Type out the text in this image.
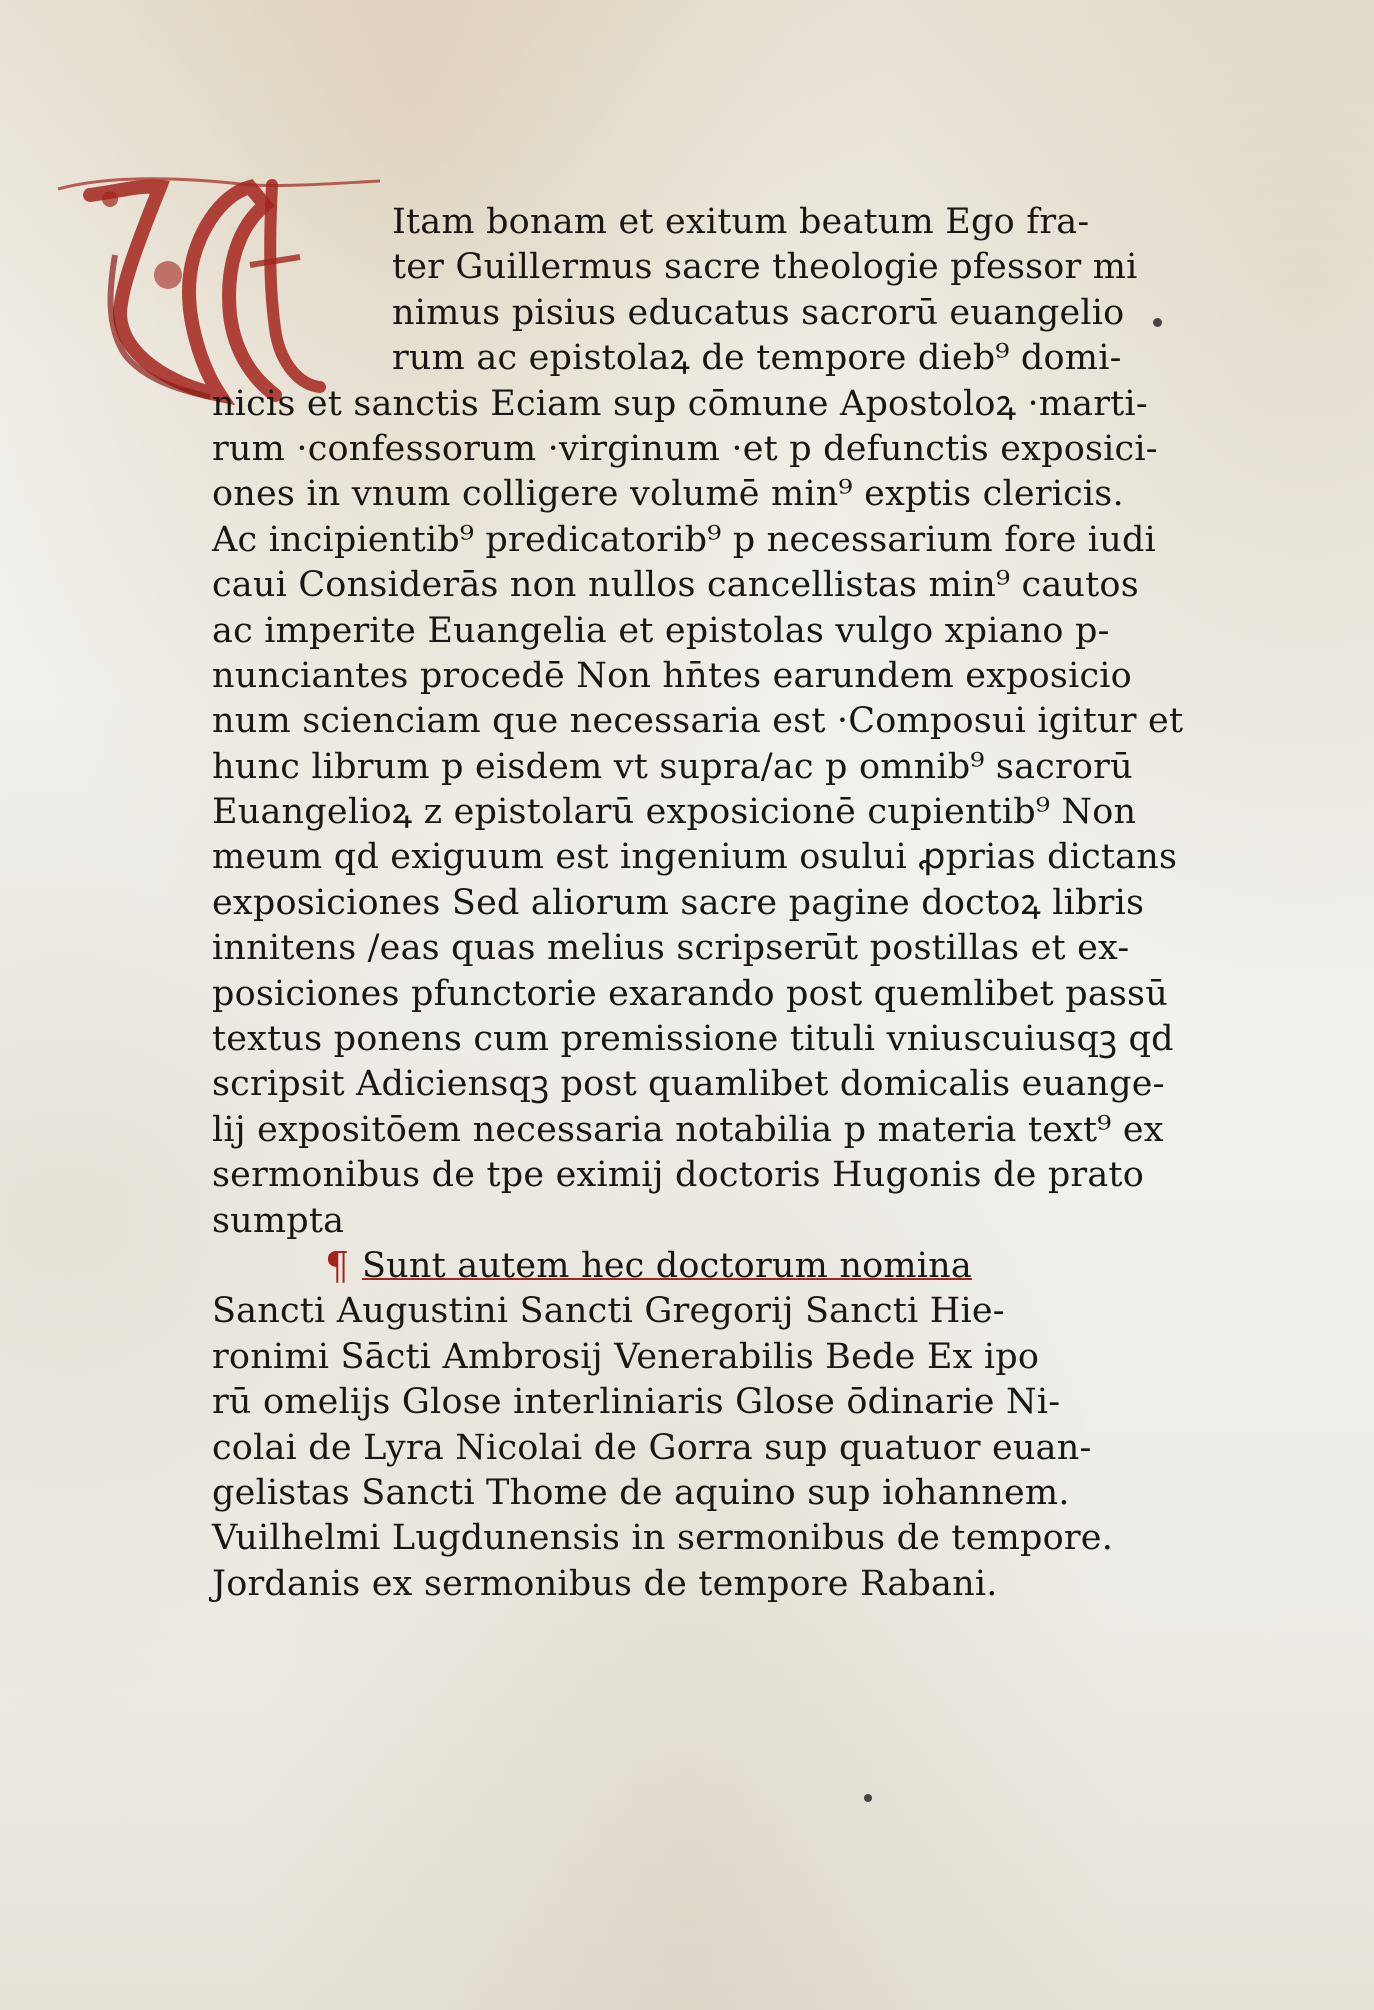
Itam bonam et exitum beatum Ego fra-
ter Guillermus sacre theologie pfessor mi
nimus pisius educatus sacrorū euangelio
rum ac epistolaꝝ de tempore dieb⁹ domi-
nicis et sanctis Eciam sup cōmune Apostoloꝝ ·marti-
rum ·confessorum ·virginum ·et p defunctis exposici-
ones in vnum colligere volumē min⁹ exptis clericis.
Ac incipientib⁹ predicatorib⁹ p necessarium fore iudi
caui Considerās non nullos cancellistas min⁹ cautos
ac imperite Euangelia et epistolas vulgo xpiano p-
nunciantes procedē Non hn̄tes earundem exposicio
num scienciam que necessaria est ·Composui igitur et
hunc librum p eisdem vt supra/ac p omnib⁹ sacrorū
Euangelioꝝ z epistolarū exposicionē cupientib⁹ Non
meum qd exiguum est ingenium osului ꝓprias dictans
exposiciones Sed aliorum sacre pagine doctoꝝ libris
innitens /eas quas melius scripserūt postillas et ex-
posiciones pfunctorie exarando post quemlibet passū
textus ponens cum premissione tituli vniuscuiusqꝫ qd
scripsit Adiciensqꝫ post quamlibet domicalis euange-
lij expositōem necessaria notabilia p materia text⁹ ex
sermonibus de tpe eximij doctoris Hugonis de prato
sumpta
¶ Sunt autem hec doctorum nomina
Sancti Augustini Sancti Gregorij Sancti Hie-
ronimi Sācti Ambrosij Venerabilis Bede Ex ipo
rū omelijs Glose interliniaris Glose ōdinarie Ni-
colai de Lyra Nicolai de Gorra sup quatuor euan-
gelistas Sancti Thome de aquino sup iohannem.
Vuilhelmi Lugdunensis in sermonibus de tempore.
Jordanis ex sermonibus de tempore Rabani.
